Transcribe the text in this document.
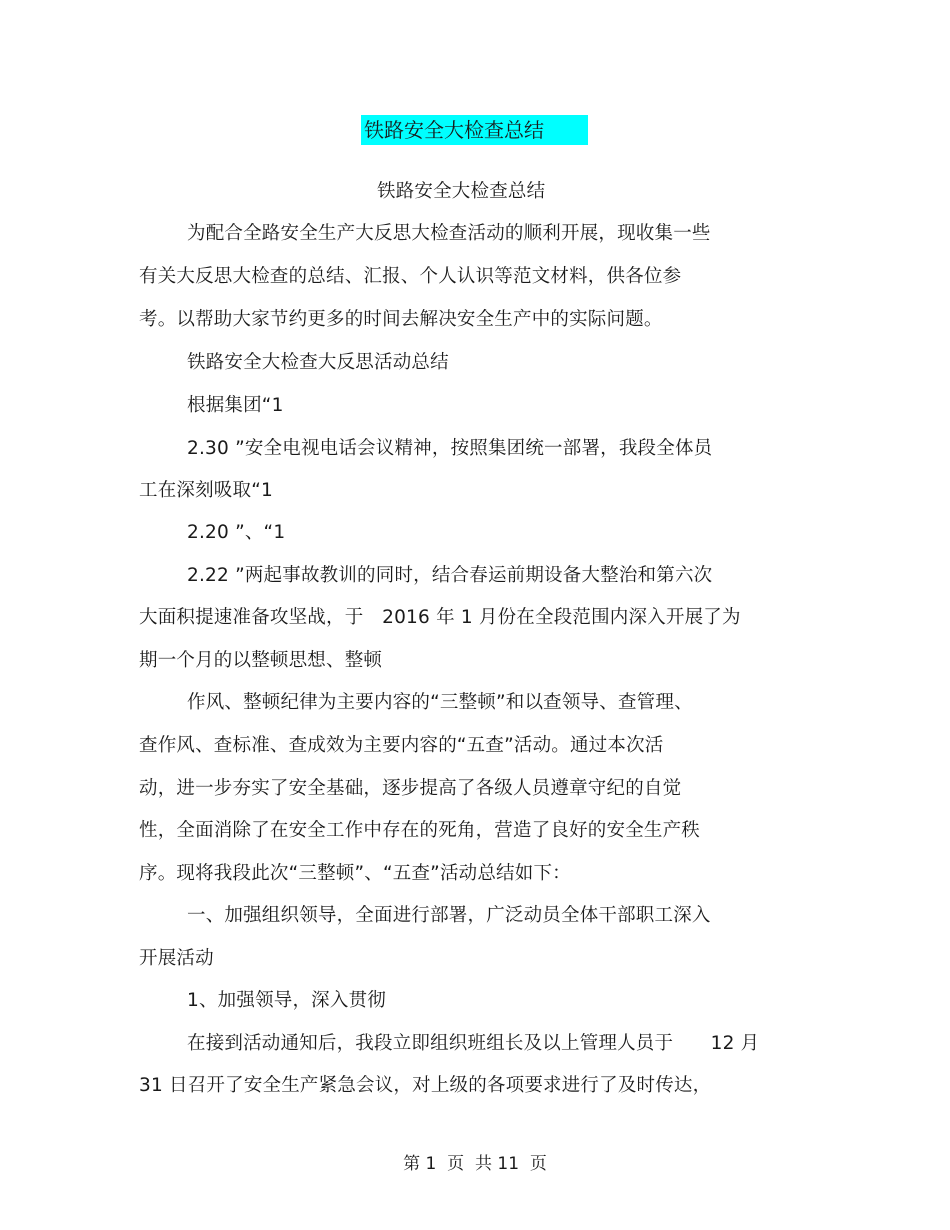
铁路安全大检查总结
铁路安全大检查总结
为配合全路安全生产大反思大检查活动的顺利开展，现收集一些
有关大反思大检查的总结、汇报、个人认识等范文材料，供各位参
考。以帮助大家节约更多的时间去解决安全生产中的实际问题。
铁路安全大检查大反思活动总结
根据集团“1
2.30 ”安全电视电话会议精神，按照集团统一部署，我段全体员
工在深刻吸取“1
2.20 ”、“1
2.22 ”两起事故教训的同时，结合春运前期设备大整治和第六次
大面积提速准备攻坚战，于　2016 年 1 月份在全段范围内深入开展了为
期一个月的以整顿思想、整顿
作风、整顿纪律为主要内容的“三整顿”和以查领导、查管理、
查作风、查标准、查成效为主要内容的“五查”活动。通过本次活
动，进一步夯实了安全基础，逐步提高了各级人员遵章守纪的自觉
性，全面消除了在安全工作中存在的死角，营造了良好的安全生产秩
序。现将我段此次“三整顿”、“五查”活动总结如下：
一、加强组织领导，全面进行部署，广泛动员全体干部职工深入
开展活动
1、加强领导，深入贯彻
在接到活动通知后，我段立即组织班组长及以上管理人员于　　12 月
31 日召开了安全生产紧急会议，对上级的各项要求进行了及时传达，
第 1  页  共 11  页
